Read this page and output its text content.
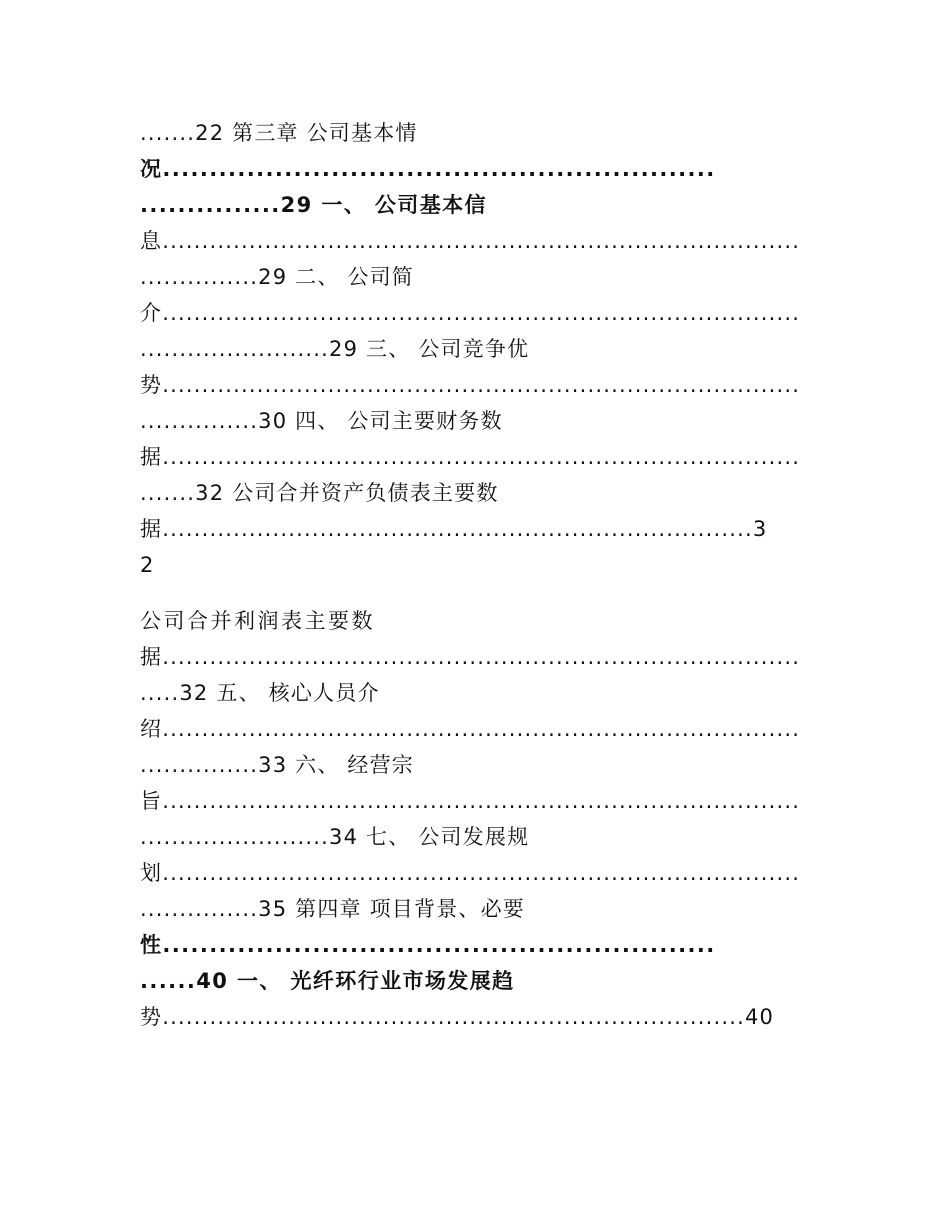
.......22 第三章 公司基本情
况...........................................................
...............29 一、 公司基本信
息.................................................................................
...............29 二、 公司简
介.................................................................................
........................29 三、 公司竞争优
势.................................................................................
...............30 四、 公司主要财务数
据.................................................................................
.......32 公司合并资产负债表主要数
据...........................................................................3
2
公司合并利润表主要数
据.................................................................................
.....32 五、 核心人员介
绍.................................................................................
...............33 六、 经营宗
旨.................................................................................
........................34 七、 公司发展规
划.................................................................................
...............35 第四章 项目背景、必要
性...........................................................
......40 一、 光纤环行业市场发展趋
势..........................................................................40
